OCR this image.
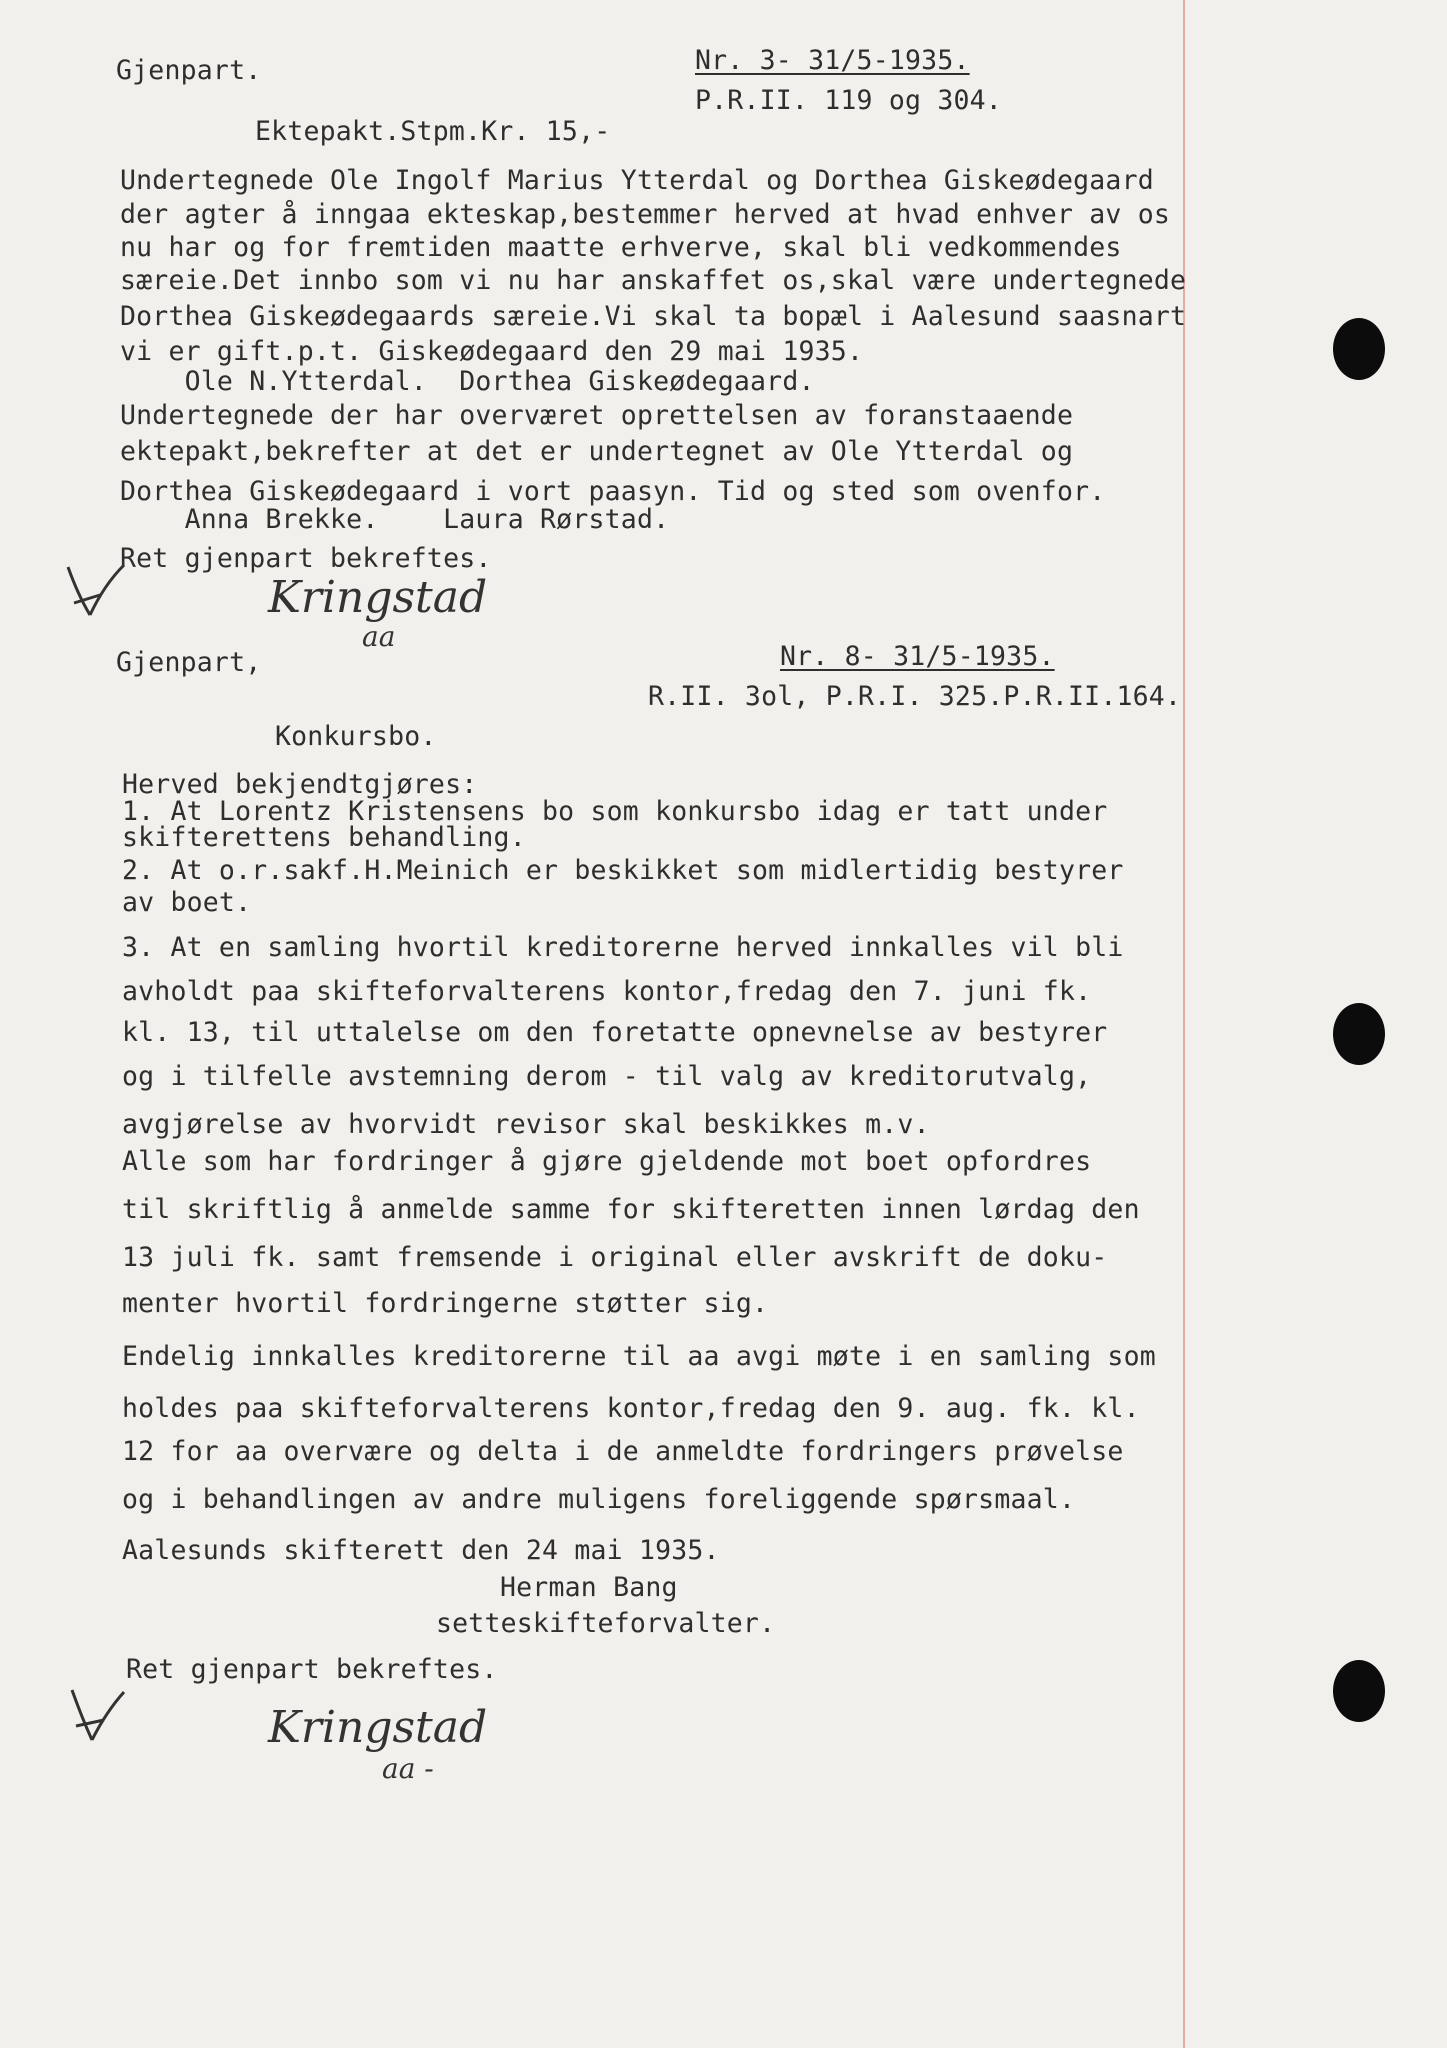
Gjenpart.	Nr. 3- 31/5-1935.
P.R.II. 119 og 304.
Ektepakt.Stpm.Kr. 15,-
Undertegnede Ole Ingolf Marius Ytterdal og Dorthea Giskeødegaard
der agter å inngaa ekteskap,bestemmer herved at hvad enhver av os
nu har og for fremtiden maatte erhverve, skal bli vedkommendes
særeie.Det innbo som vi nu har anskaffet os,skal være undertegnede
Dorthea Giskeødegaards særeie.Vi skal ta bopæl i Aalesund saasnart
vi er gift.p.t. Giskeødegaard den 29 mai 1935.
Ole N.Ytterdal.  Dorthea Giskeødegaard.
Undertegnede der har overværet oprettelsen av foranstaaende
ektepakt,bekrefter at det er undertegnet av Ole Ytterdal og
Dorthea Giskeødegaard i vort paasyn. Tid og sted som ovenfor.
Anna Brekke.    Laura Rørstad.
Ret gjenpart bekreftes.
Kringstad
aa
Gjenpart,	Nr. 8- 31/5-1935.
R.II. 3ol, P.R.I. 325.P.R.II.164.
Konkursbo.
Herved bekjendtgjøres:
1. At Lorentz Kristensens bo som konkursbo idag er tatt under
skifterettens behandling.
2. At o.r.sakf.H.Meinich er beskikket som midlertidig bestyrer
av boet.
3. At en samling hvortil kreditorerne herved innkalles vil bli
avholdt paa skifteforvalterens kontor,fredag den 7. juni fk.
kl. 13, til uttalelse om den foretatte opnevnelse av bestyrer
og i tilfelle avstemning derom - til valg av kreditorutvalg,
avgjørelse av hvorvidt revisor skal beskikkes m.v.
Alle som har fordringer å gjøre gjeldende mot boet opfordres
til skriftlig å anmelde samme for skifteretten innen lørdag den
13 juli fk. samt fremsende i original eller avskrift de doku-
menter hvortil fordringerne støtter sig.
Endelig innkalles kreditorerne til aa avgi møte i en samling som
holdes paa skifteforvalterens kontor,fredag den 9. aug. fk. kl.
12 for aa overvære og delta i de anmeldte fordringers prøvelse
og i behandlingen av andre muligens foreliggende spørsmaal.
Aalesunds skifterett den 24 mai 1935.
Herman Bang
setteskifteforvalter.
Ret gjenpart bekreftes.
Kringstad
aa -
